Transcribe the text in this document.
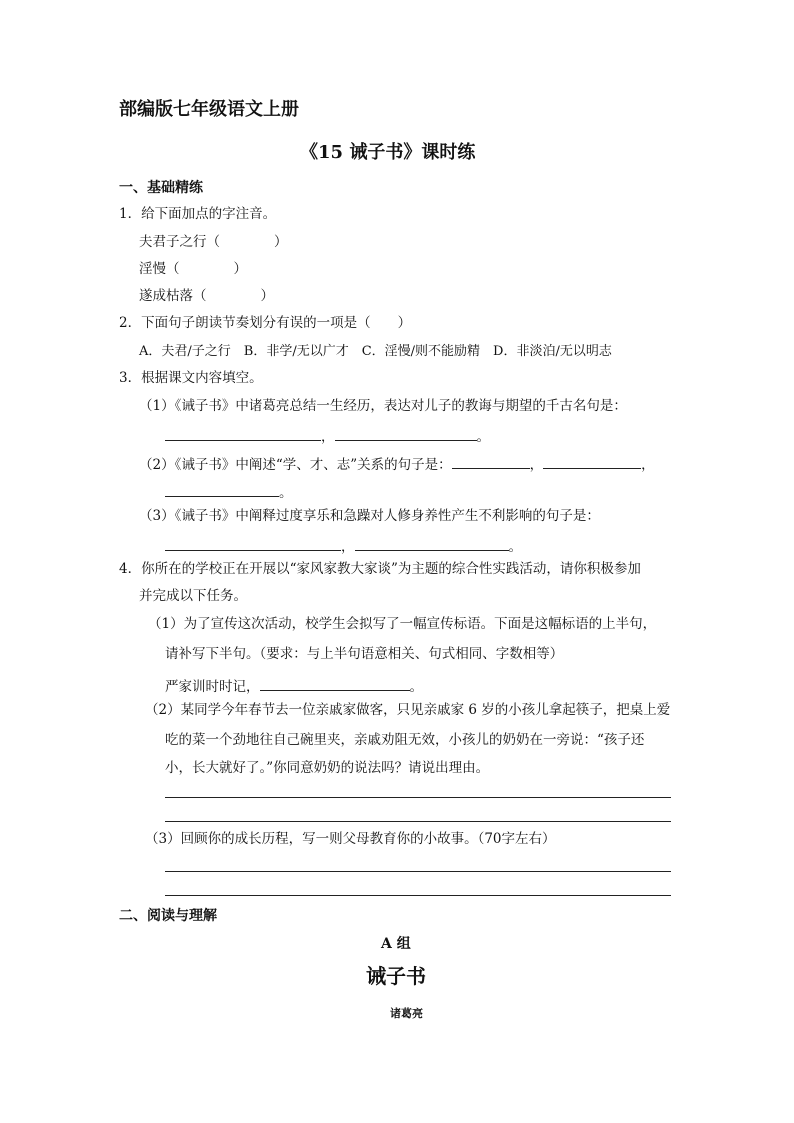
部编版七年级语文上册
《15 诫子书》课时练
一、基础精练
1．给下面加点的字注音。
夫君子之行（　　　　）
淫慢（　　　　）
遂成枯落（　　　　）
2．下面句子朗读节奏划分有误的一项是（　　）
A．夫君/子之行　B．非学/无以广才　C．淫慢/则不能励精　D．非淡泊/无以明志
3．根据课文内容填空。
（1）《诫子书》中诸葛亮总结一生经历，表达对儿子的教诲与期望的千古名句是：
，	。
（2）《诫子书》中阐述“学、才、志”关系的句子是：	，	，
。
（3）《诫子书》中阐释过度享乐和急躁对人修身养性产生不利影响的句子是：
，	。
4．你所在的学校正在开展以“家风家教大家谈”为主题的综合性实践活动，请你积极参加
并完成以下任务。
（1）为了宣传这次活动，校学生会拟写了一幅宣传标语。下面是这幅标语的上半句，
请补写下半句。（要求：与上半句语意相关、句式相同、字数相等）
严家训时时记，	。
（2）某同学今年春节去一位亲戚家做客，只见亲戚家 6 岁的小孩儿拿起筷子，把桌上爱
吃的菜一个劲地往自己碗里夹，亲戚劝阻无效，小孩儿的奶奶在一旁说：“孩子还
小，长大就好了。”你同意奶奶的说法吗？请说出理由。
（3）回顾你的成长历程，写一则父母教育你的小故事。（70字左右）
二、阅读与理解
A 组
诫子书
诸葛亮
